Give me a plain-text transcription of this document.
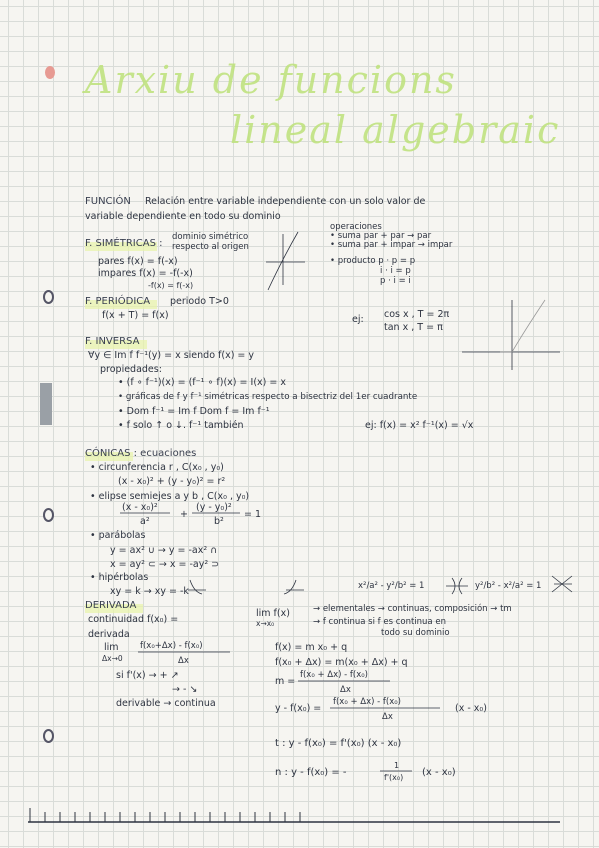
Arxiu de funcions
lineal algebraic
FUNCIÓN Relación entre variable independiente con un solo valor de
variable dependiente en todo su dominio
F. SIMÉTRICAS :
dominio simétrico
respecto al origen
pares f(x) = f(-x)
impares f(x) = -f(-x)
-f(x) = f(-x)
operaciones
• suma par + par → par
• suma par + impar → impar
• producto p · p = p
i · i = p
p · i = i
F. PERIÓDICA periodo T>0
f(x + T) = f(x)	ej: cos x , T = 2π
tan x , T = π
F. INVERSA
∀y ∈ Im f f⁻¹(y) = x siendo f(x) = y
propiedades:
• (f ∘ f⁻¹)(x) = (f⁻¹ ∘ f)(x) = I(x) = x
• gráficas de f y f⁻¹ simétricas respecto a bisectriz del 1er cuadrante
• Dom f⁻¹ = Im f Dom f = Im f⁻¹
• f solo ↑ o ↓. f⁻¹ también	ej: f(x) = x² f⁻¹(x) = √x
CÓNICAS : ecuaciones
• circunferencia r , C(x₀ , y₀)
(x - x₀)² + (y - y₀)² = r²
• elipse semiejes a y b , C(x₀ , y₀)
(x - x₀)²	(y - y₀)²
a²	b²
+	= 1
• parábolas
y = ax² ∪ → y = -ax² ∩
x = ay² ⊂ → x = -ay² ⊃
• hipérbolas
xy = k → xy = -k	x²/a² - y²/b² = 1	y²/b² - x²/a² = 1
DERIVADA
continuidad f(x₀) =
lim f(x)
x→x₀
derivada
lim
Δx→0
f(x₀+Δx) - f(x₀)
Δx
si f'(x) → + ↗
→ - ↘
derivable → continua
→ elementales → continuas, composición → tm
→ f continua si f es continua en
todo su dominio
f(x) = m x₀ + q
f(x₀ + Δx) = m(x₀ + Δx) + q
m =
f(x₀ + Δx) - f(x₀)
Δx
y - f(x₀) =
f(x₀ + Δx) - f(x₀)
Δx
(x - x₀)
t : y - f(x₀) = f'(x₀) (x - x₀)
n : y - f(x₀) = -
1
f'(x₀) (x - x₀)
